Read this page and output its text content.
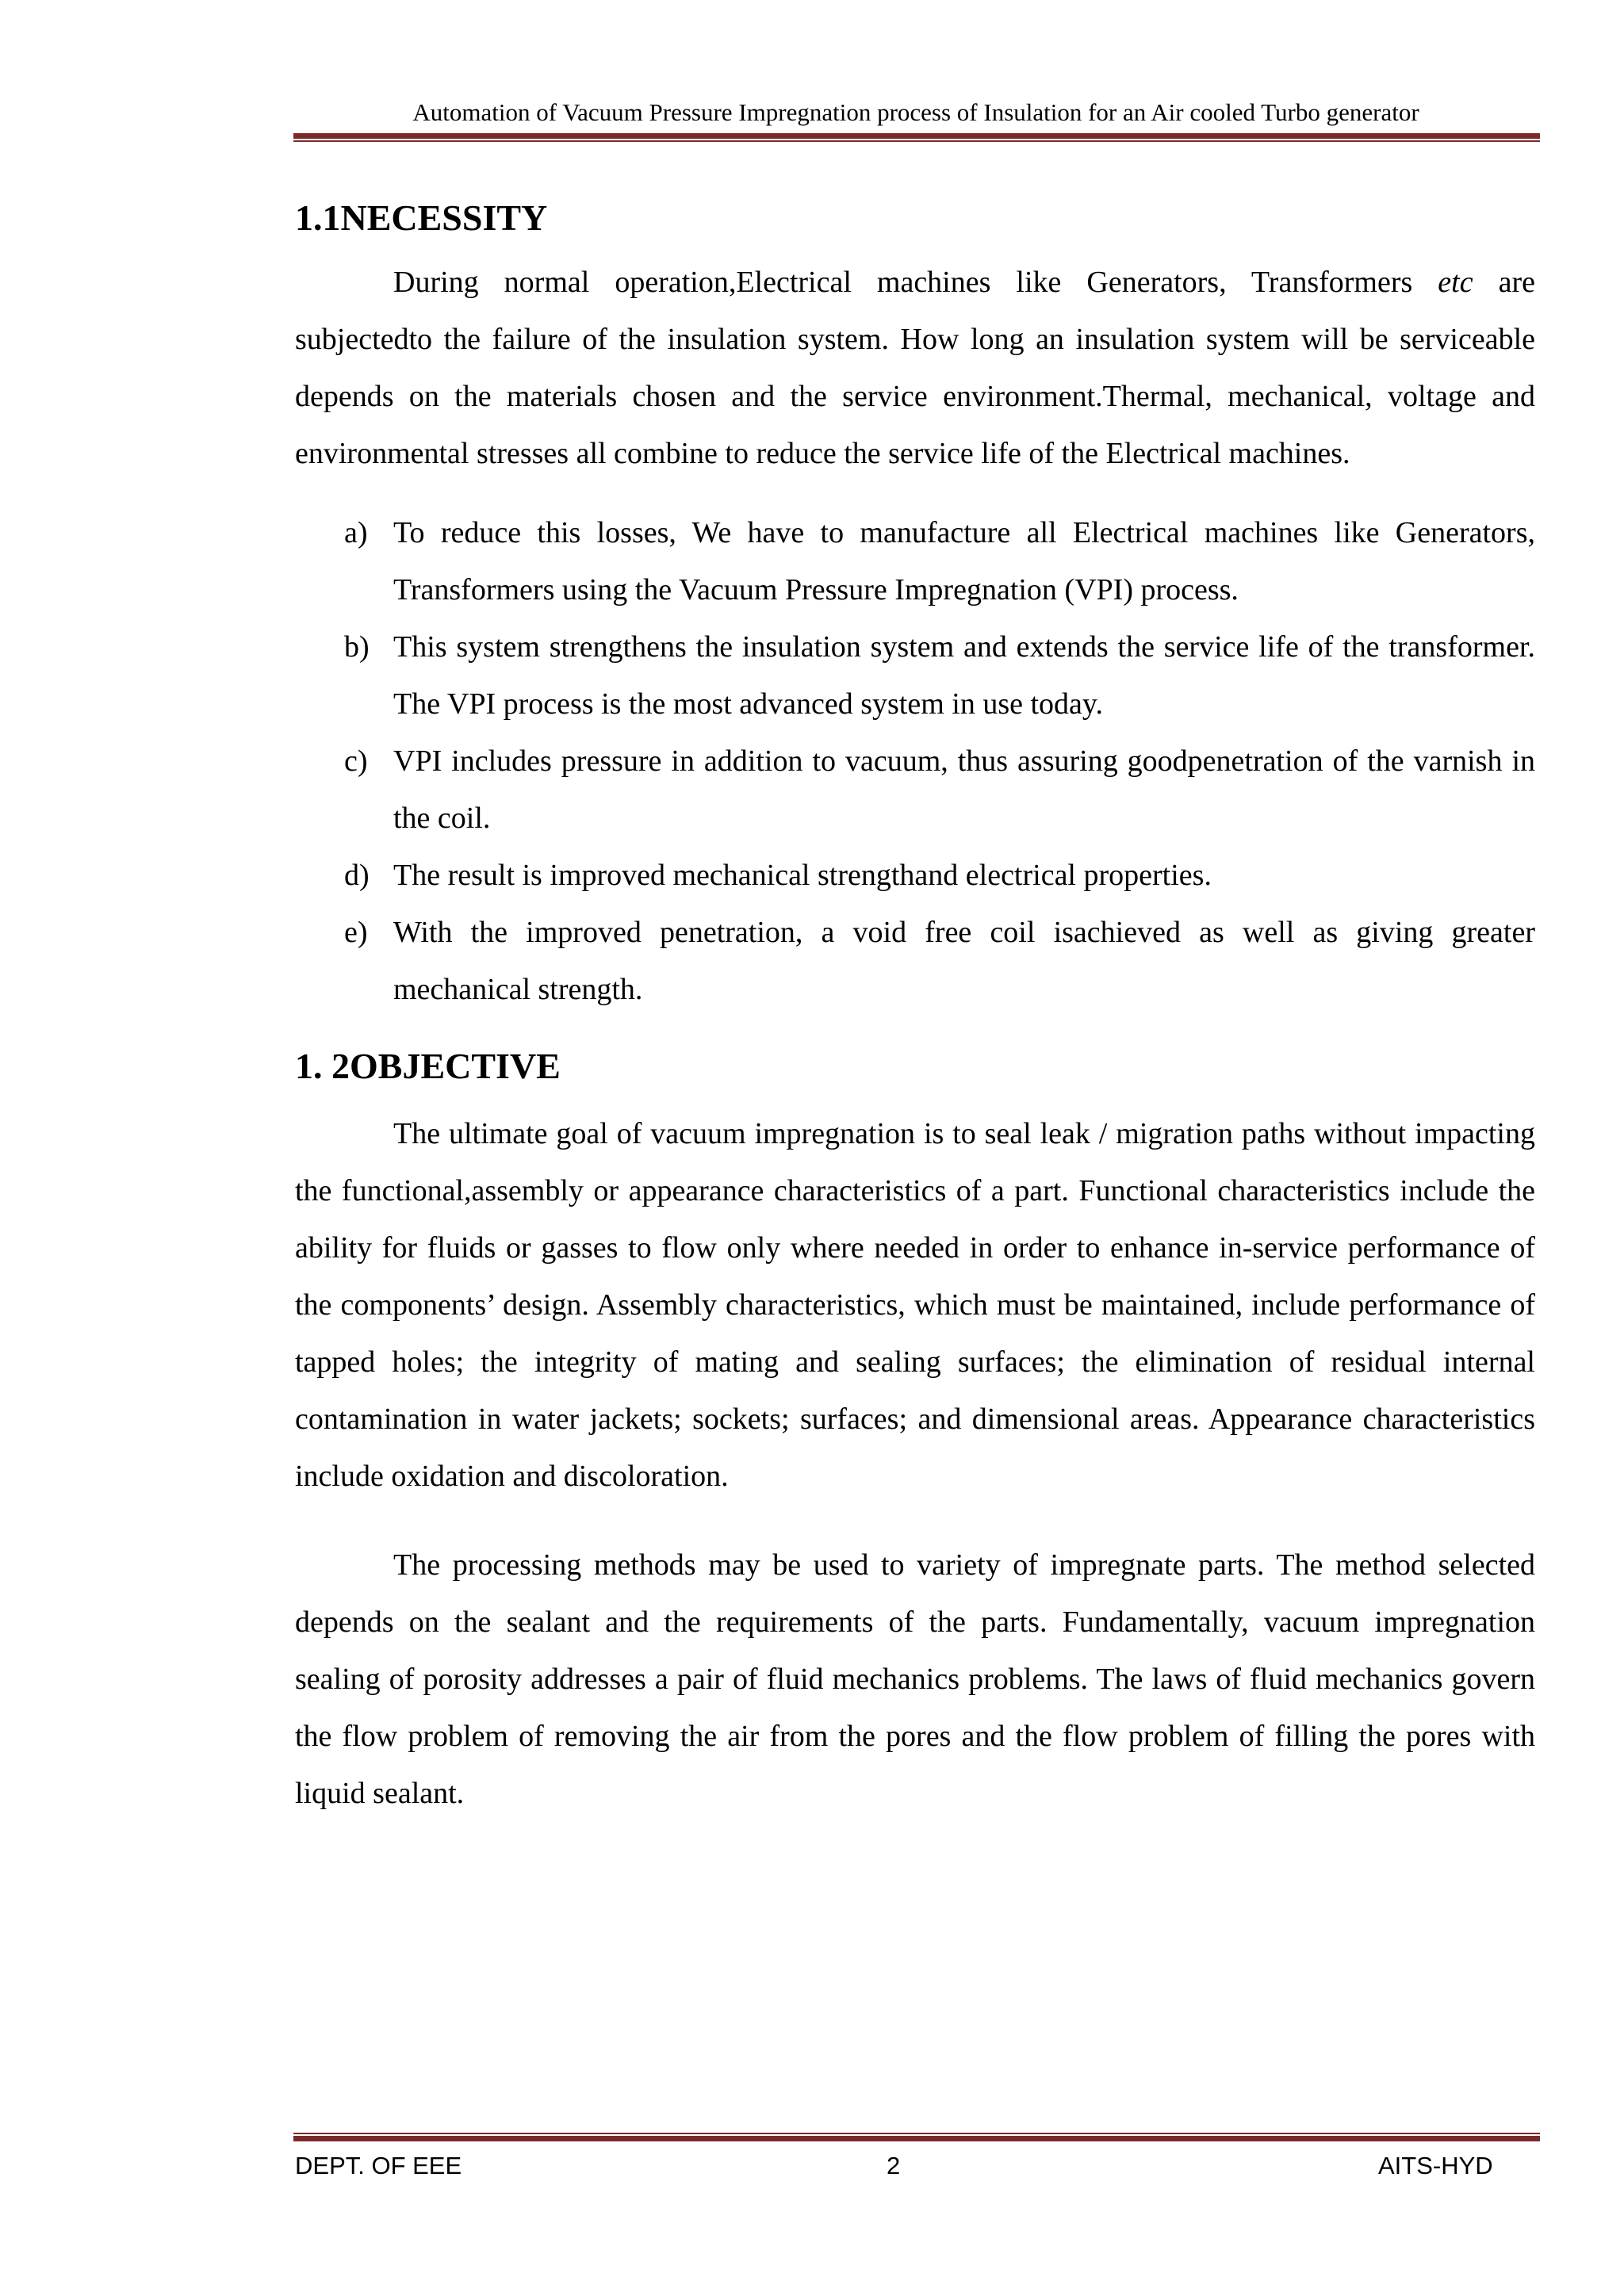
Automation of Vacuum Pressure Impregnation process of Insulation for an Air cooled Turbo generator
1.1NECESSITY

During normal operation,Electrical machines like Generators, Transformers etc are subjectedto the failure of the insulation system. How long an insulation system will be serviceable depends on the materials chosen and the service environment.Thermal, mechanical, voltage and environmental stresses all combine to reduce the service life of the Electrical machines.

a) To reduce this losses, We have to manufacture all Electrical machines like Generators, Transformers using the Vacuum Pressure Impregnation (VPI) process.
b) This system strengthens the insulation system and extends the service life of the transformer. The VPI process is the most advanced system in use today.
c) VPI includes pressure in addition to vacuum, thus assuring goodpenetration of the varnish in the coil.
d) The result is improved mechanical strengthand electrical properties.
e) With the improved penetration, a void free coil isachieved as well as giving greater mechanical strength.
1. 2OBJECTIVE

The ultimate goal of vacuum impregnation is to seal leak / migration paths without impacting the functional,assembly or appearance characteristics of a part. Functional characteristics include the ability for fluids or gasses to flow only where needed in order to enhance in-service performance of the components’ design. Assembly characteristics, which must be maintained, include performance of tapped holes; the integrity of mating and sealing surfaces; the elimination of residual internal contamination in water jackets; sockets; surfaces; and dimensional areas. Appearance characteristics include oxidation and discoloration.

The processing methods may be used to variety of impregnate parts. The method selected depends on the sealant and the requirements of the parts. Fundamentally, vacuum impregnation sealing of porosity addresses a pair of fluid mechanics problems. The laws of fluid mechanics govern the flow problem of removing the air from the pores and the flow problem of filling the pores with liquid sealant.

DEPT. OF EEE	2	AITS-HYD
